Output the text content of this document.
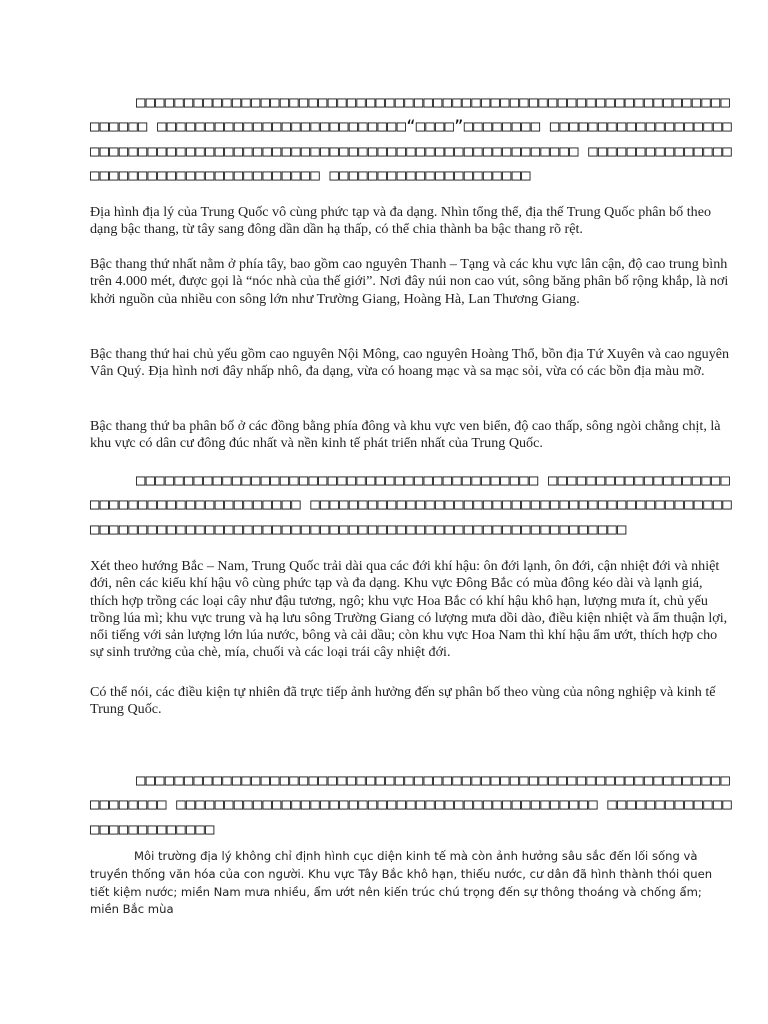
□□□□□□□□□□□□□□□□□□□□□□□□□□□□□□□□□□□□□□□□□□□□□□□□□□□□□□□□□□□□□□□□□□□□ □□□□□□□□□□□□□□□□□□□□□□□□□□“□□□□”□□□□□□□□ □□□□□□□□□□□□□□□□□□□□□□□□□□□□□□□□□□□□□□□□□□□□□□□□□□□□□□□□□□□□□□□□□□□□□□ □□□□□□□□□□□□□□□□□□□□□□□□□□□□□□□□□□□□□□□ □□□□□□□□□□□□□□□□□□□□□

Địa hình địa lý của Trung Quốc vô cùng phức tạp và đa dạng. Nhìn tổng thể, địa thế Trung Quốc phân bố theo dạng bậc thang, từ tây sang đông dần dần hạ thấp, có thể chia thành ba bậc thang rõ rệt.

Bậc thang thứ nhất nằm ở phía tây, bao gồm cao nguyên Thanh – Tạng và các khu vực lân cận, độ cao trung bình trên 4.000 mét, được gọi là “nóc nhà của thế giới”. Nơi đây núi non cao vút, sông băng phân bố rộng khắp, là nơi khởi nguồn của nhiều con sông lớn như Trường Giang, Hoàng Hà, Lan Thương Giang.

Bậc thang thứ hai chủ yếu gồm cao nguyên Nội Mông, cao nguyên Hoàng Thổ, bồn địa Tứ Xuyên và cao nguyên Vân Quý. Địa hình nơi đây nhấp nhô, đa dạng, vừa có hoang mạc và sa mạc sỏi, vừa có các bồn địa màu mỡ.

Bậc thang thứ ba phân bố ở các đồng bằng phía đông và khu vực ven biển, độ cao thấp, sông ngòi chằng chịt, là khu vực có dân cư đông đúc nhất và nền kinh tế phát triển nhất của Trung Quốc.

□□□□□□□□□□□□□□□□□□□□□□□□□□□□□□□□□□□□□□□□□□ □□□□□□□□□□□□□□□□□□□□□□□□□□□□□□□□□□□□□□□□□ □□□□□□□□□□□□□□□□□□□□□□□□□□□□□□□□□□□□□□□□□□□□□□□□□□□□□□□□□□□□□□□□□□□□□□□□□□□□□□□□□□□□□□□□□□□□□□□□□□□□

Xét theo hướng Bắc – Nam, Trung Quốc trải dài qua các đới khí hậu: ôn đới lạnh, ôn đới, cận nhiệt đới và nhiệt đới, nên các kiểu khí hậu vô cùng phức tạp và đa dạng. Khu vực Đông Bắc có mùa đông kéo dài và lạnh giá, thích hợp trồng các loại cây như đậu tương, ngô; khu vực Hoa Bắc có khí hậu khô hạn, lượng mưa ít, chủ yếu trồng lúa mì; khu vực trung và hạ lưu sông Trường Giang có lượng mưa dồi dào, điều kiện nhiệt và ẩm thuận lợi, nổi tiếng với sản lượng lớn lúa nước, bông và cải dầu; còn khu vực Hoa Nam thì khí hậu ẩm ướt, thích hợp cho sự sinh trưởng của chè, mía, chuối và các loại trái cây nhiệt đới.

Có thể nói, các điều kiện tự nhiên đã trực tiếp ảnh hưởng đến sự phân bố theo vùng của nông nghiệp và kinh tế Trung Quốc.

□□□□□□□□□□□□□□□□□□□□□□□□□□□□□□□□□□□□□□□□□□□□□□□□□□□□□□□□□□□□□□□□□□□□□□ □□□□□□□□□□□□□□□□□□□□□□□□□□□□□□□□□□□□□□□□□□□□ □□□□□□□□□□□□□□□□□□□□□□□□□□

Môi trường địa lý không chỉ định hình cục diện kinh tế mà còn ảnh hưởng sâu sắc đến lối sống và truyền thống văn hóa của con người. Khu vực Tây Bắc khô hạn, thiếu nước, cư dân đã hình thành thói quen tiết kiệm nước; miền Nam mưa nhiều, ẩm ướt nên kiến trúc chú trọng đến sự thông thoáng và chống ẩm; miền Bắc mùa
